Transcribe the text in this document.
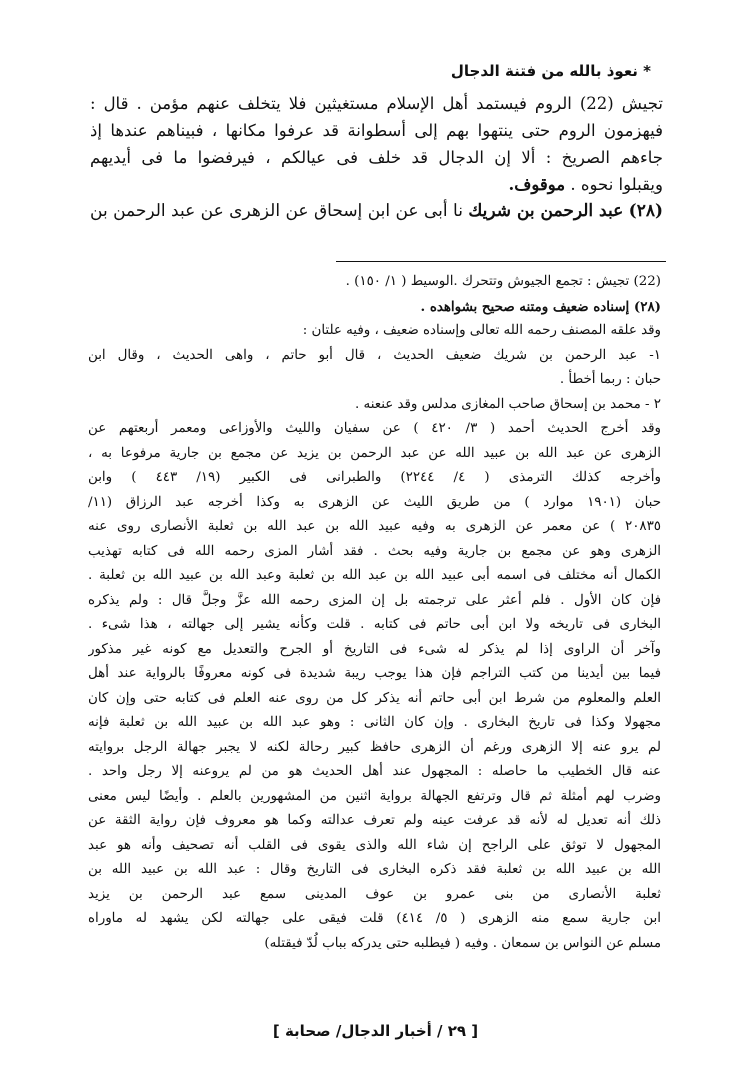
* نعوذ بالله من فتنة الدجال
تجيش (22) الروم فيستمد أهل الإسلام مستغيثين فلا يتخلف عنهم مؤمن . قال :
فيهزمون الروم حتى ينتهوا بهم إلى أسطوانة قد عرفوا مكانها ، فبيناهم عندها إذ
جاءهم الصريخ : ألا إن الدجال قد خلف فى عيالكم ، فيرفضوا ما فى أيديهم
ويقبلوا نحوه . موقوف.
(٢٨) عبد الرحمن بن شريك نا أبى عن ابن إسحاق عن الزهرى عن عبد الرحمن بن
(22) تجيش : تجمع الجيوش وتتحرك .الوسيط ( ١/ ١٥٠) .
(٢٨) إسناده ضعيف ومتنه صحيح بشواهده .
وقد علقه المصنف رحمه الله تعالى وإسناده ضعيف ، وفيه علتان :
١- عبد الرحمن بن شريك ضعيف الحديث ، قال أبو حاتم ، واهى الحديث ، وقال ابن
حبان : ربما أخطأ .
٢ - محمد بن إسحاق صاحب المغازى مدلس وقد عنعنه .
وقد أخرج الحديث أحمد ( ٣/ ٤٢٠ ) عن سفيان والليث والأوزاعى ومعمر أربعتهم عن
الزهرى عن عبد الله بن عبيد الله عن عبد الرحمن بن يزيد عن مجمع بن جارية مرفوعا به ،
وأخرجه كذلك الترمذى ( ٤/ ٢٢٤٤) والطبرانى فى الكبير (١٩/ ٤٤٣ ) وابن
حبان (١٩٠١ موارد ) من طريق الليث عن الزهرى به وكذا أخرجه عبد الرزاق (١١/
٢٠٨٣٥ ) عن معمر عن الزهرى به وفيه عبيد الله بن عبد الله بن ثعلبة الأنصارى روى عنه
الزهرى وهو عن مجمع بن جارية وفيه بحث . فقد أشار المزى رحمه الله فى كتابه تهذيب
الكمال أنه مختلف فى اسمه أبى عبيد الله بن عبد الله بن ثعلبة وعبد الله بن عبيد الله بن ثعلبة .
فإن كان الأول . فلم أعثر على ترجمته بل إن المزى رحمه الله عزَّ وجلَّ قال : ولم يذكره
البخارى فى تاريخه ولا ابن أبى حاتم فى كتابه . قلت وكأنه يشير إلى جهالته ، هذا شىء .
وآخر أن الراوى إذا لم يذكر له شىء فى التاريخ أو الجرح والتعديل مع كونه غير مذكور
فيما بين أيدينا من كتب التراجم فإن هذا يوجب ريبة شديدة فى كونه معروفًا بالرواية عند أهل
العلم والمعلوم من شرط ابن أبى حاتم أنه يذكر كل من روى عنه العلم فى كتابه حتى وإن كان
مجهولا وكذا فى تاريخ البخارى . وإن كان الثانى : وهو عبد الله بن عبيد الله بن ثعلبة فإنه
لم يرو عنه إلا الزهرى ورغم أن الزهرى حافظ كبير رحالة لكنه لا يجبر جهالة الرجل بروايته
عنه قال الخطيب ما حاصله : المجهول عند أهل الحديث هو من لم يروعنه إلا رجل واحد .
وضرب لهم أمثلة ثم قال وترتفع الجهالة برواية اثنين من المشهورين بالعلم . وأيضًا ليس معنى
ذلك أنه تعديل له لأنه قد عرفت عينه ولم تعرف عدالته وكما هو معروف فإن رواية الثقة عن
المجهول لا توثق على الراجح إن شاء الله والذى يقوى فى القلب أنه تصحيف وأنه هو عبد
الله بن عبيد الله بن ثعلبة فقد ذكره البخارى فى التاريخ وقال : عبد الله بن عبيد الله بن
ثعلبة الأنصارى من بنى عمرو بن عوف المدينى سمع عبد الرحمن بن يزيد
ابن جارية سمع منه الزهرى ( ٥/ ٤١٤) قلت فيقى على جهالته لكن يشهد له ماوراه
مسلم عن النواس بن سمعان . وفيه ( فيطلبه حتى يدركه بباب لُدّ فيقتله)
[ ٢٩ / أخبار الدجال/ صحابة ]
